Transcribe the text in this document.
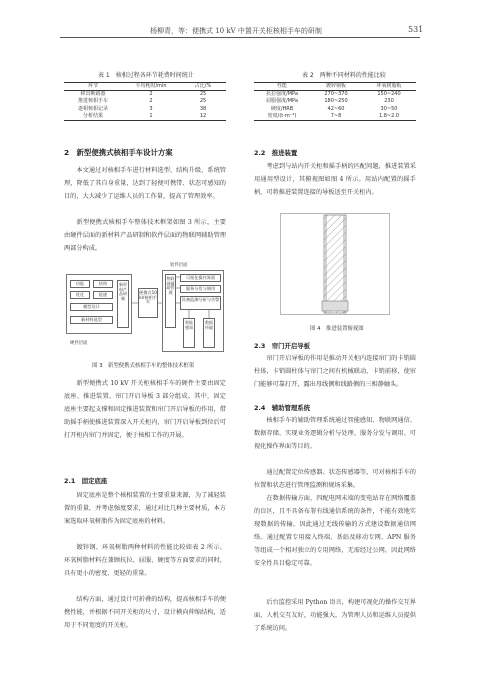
杨柳青，等：便携式 10 kV 中置开关柜核相手车的研制	531
表 1　核相过程各环节耗费时间统计
环节	平均耗时/min	占比/%
移出断路器	2	25
推进核相手车	2	25
逐相核相记录	3	38
分析结果	1	12
表 2　两种不同材料的性能比较
性能	镀锌钢板	环氧树脂板
抗拉强度/MPa	270~370	150~240
屈服强度/MPa	180~250	230
硬度/HRB	42~60	30~50
密度/(t·m⁻³)	7~8	1.8~2.0
2　新型便携式核相手车设计方案

本文通过对核相手车进行材料选型、结构升级、系统管理，降低了其自身重量，达到了轻便可携带、状态可感知的目的，大大减少了运维人员的工作量，提高了管理效率。

新型便携式核相手车整体技术框架如图 3 所示，主要由硬件层面的新材料产品研制和软件层面的物联网辅助管理两部分构成。

软件层面
硬件层面
功能	结构
优化	提速
模型设计
新材料选型
新材料产品研制
便携式10 kV核相手车
物联网辅助管理
可视化操作界面
服务分发与调用
设备监测分析与告警
智能感知
数据传输
图 3　新型便携式核相手车的整体技术框架

新型便携式 10 kV 开关柜核相手车的硬件主要由固定底座、推进装置、帘门开启导板 3 部分组成。其中，固定底座主要起支撑和固定推进装置和帘门开启导板的作用，借助摇手柄使推进装置深入开关柜内，帘门开启导板到位后可打开柜内帘门并固定，便于核相工作的开展。

2.1　固定底座

固定底座是整个核相装置的主要重量来源，为了减轻装置的重量，并考虑强度要求，通过对比几种主要材质，本方案选取环氧树脂作为固定底座的材料。

镀锌钢、环氧树脂两种材料的性能比较如表 2 所示。环氧树脂材料在兼顾抗拉、屈服、硬度等方面要求的同时，具有更小的密度、更轻的重量。

结构方面，通过设计可折叠的结构，提高核相手车的便携性能，并根据不同开关柜的尺寸，设计横向伸缩结构，适用于不同宽度的开关柜。

2.2　推进装置

考虑到与站内开关柜和摇手柄的匹配问题，推进装置采用通用型设计，其俯视图如图 4 所示。用站内配置的摇手柄，可将推进装置连接的导板送至开关柜内。

图 4　推进装置俯视图
2.3　帘门开启导板

帘门开启导板的作用是推动开关柜内连接帘门的卡销圆柱体，卡销圆柱体与帘门之间有机械联动，卡销前移，使帘门能够可靠打开，露出母线侧和线路侧的三相静触头。

2.4　辅助管理系统

核相手车的辅助管理系统通过智能感知、物联网通信、数据存储、实现业务逻辑分析与处理、服务分发与调用、可视化操作界面等目的。

通过配置定位传感器、状态传感器等，可对核相手车的位置和状态进行管理监测和规场采集。

在数据传输方面，四配电网末端的变电站存在网络覆盖的盲区，且不具备布署有线通信系统的条件，不能有效地实现数据的传输，因此通过无线传输的方式建设数据通信网络。通过配置专用接入终端、基站及移动专网、APN 服务等组成一个相对独立的专用网络，无需经过公网，因此网络安全性具目稳定可靠。

后台监控采用 Python 语言，构建可视化的操作交互界面，人机交互友好，功能强大，为管理人员和运维人员提供了系统访问。
